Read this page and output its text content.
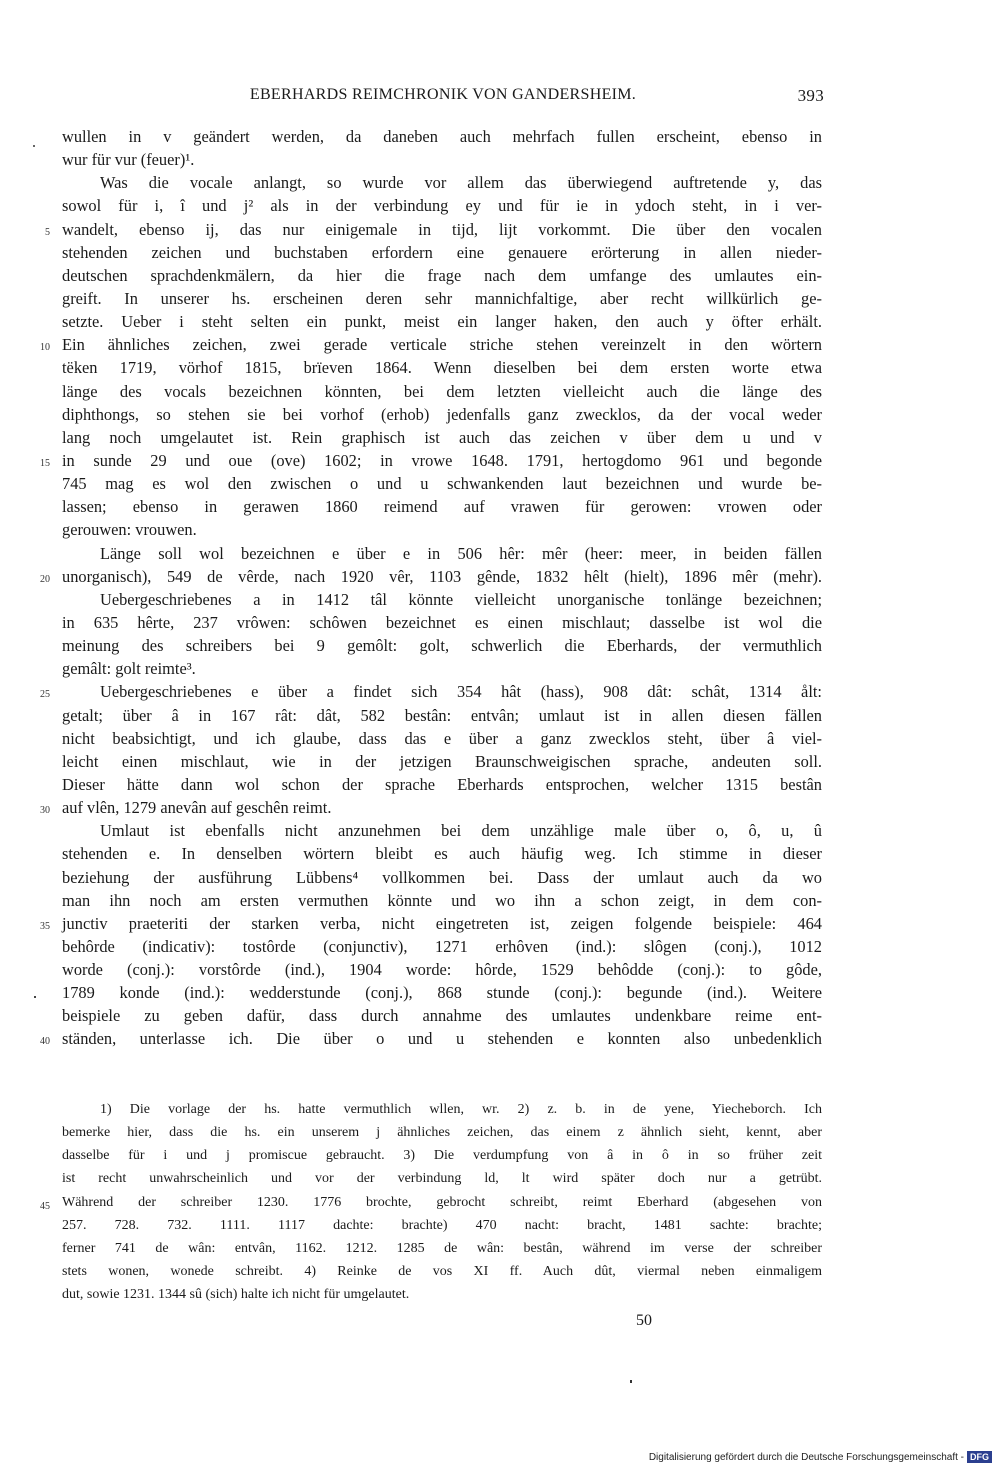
EBERHARDS REIMCHRONIK VON GANDERSHEIM.	393
wullen in v geändert werden, da daneben auch mehrfach fullen erscheint, ebenso in
wur für vur (feuer)¹.
Was die vocale anlangt, so wurde vor allem das überwiegend auftretende y, das
sowol für i, î und j² als in der verbindung ey und für ie in ydoch steht, in i ver-
5 wandelt, ebenso ij, das nur einigemale in tijd, lijt vorkommt. Die über den vocalen
stehenden zeichen und buchstaben erfordern eine genauere erörterung in allen nieder-
deutschen sprachdenkmälern, da hier die frage nach dem umfange des umlautes ein-
greift. In unserer hs. erscheinen deren sehr mannichfaltige, aber recht willkürlich ge-
setzte. Ueber i steht selten ein punkt, meist ein langer haken, den auch y öfter erhält.
10 Ein ähnliches zeichen, zwei gerade verticale striche stehen vereinzelt in den wörtern
tëken 1719, vörhof 1815, brïeven 1864. Wenn dieselben bei dem ersten worte etwa
länge des vocals bezeichnen könnten, bei dem letzten vielleicht auch die länge des
diphthongs, so stehen sie bei vorhof (erhob) jedenfalls ganz zwecklos, da der vocal weder
lang noch umgelautet ist. Rein graphisch ist auch das zeichen v über dem u und v
15 in sunde 29 und oue (ove) 1602; in vrowe 1648. 1791, hertogdomo 961 und begonde
745 mag es wol den zwischen o und u schwankenden laut bezeichnen und wurde be-
lassen; ebenso in gerawen 1860 reimend auf vrawen für gerowen: vrowen oder
gerouwen: vrouwen.
Länge soll wol bezeichnen e über e in 506 hêr: mêr (heer: meer, in beiden fällen
20 unorganisch), 549 de vêrde, nach 1920 vêr, 1103 gênde, 1832 hêlt (hielt), 1896 mêr (mehr).
Uebergeschriebenes a in 1412 tâl könnte vielleicht unorganische tonlänge bezeichnen;
in 635 hêrte, 237 vrôwen: schôwen bezeichnet es einen mischlaut; dasselbe ist wol die
meinung des schreibers bei 9 gemôlt: golt, schwerlich die Eberhards, der vermuthlich
gemâlt: golt reimte³.
25	Uebergeschriebenes e über a findet sich 354 hât (hass), 908 dât: schât, 1314 ålt:
getalt; über â in 167 rât: dât, 582 bestân: entvân; umlaut ist in allen diesen fällen
nicht beabsichtigt, und ich glaube, dass das e über a ganz zwecklos steht, über â viel-
leicht einen mischlaut, wie in der jetzigen Braunschweigischen sprache, andeuten soll.
Dieser hätte dann wol schon der sprache Eberhards entsprochen, welcher 1315 bestân
30 auf vlên, 1279 anevân auf geschên reimt.
Umlaut ist ebenfalls nicht anzunehmen bei dem unzählige male über o, ô, u, û
stehenden e. In denselben wörtern bleibt es auch häufig weg. Ich stimme in dieser
beziehung der ausführung Lübbens⁴ vollkommen bei. Dass der umlaut auch da wo
man ihn noch am ersten vermuthen könnte und wo ihn a schon zeigt, in dem con-
35 junctiv praeteriti der starken verba, nicht eingetreten ist, zeigen folgende beispiele: 464
behôrde (indicativ): tostôrde (conjunctiv), 1271 erhôven (ind.): slôgen (conj.), 1012
worde (conj.): vorstôrde (ind.), 1904 worde: hôrde, 1529 behôdde (conj.): to gôde,
1789 konde (ind.): wedderstunde (conj.), 868 stunde (conj.): begunde (ind.). Weitere
beispiele zu geben dafür, dass durch annahme des umlautes undenkbare reime ent-
40 ständen, unterlasse ich. Die über o und u stehenden e konnten also unbedenklich
1) Die vorlage der hs. hatte vermuthlich wllen, wr. 2) z. b. in de yene, Yiecheborch. Ich
bemerke hier, dass die hs. ein unserem j ähnliches zeichen, das einem z ähnlich sieht, kennt, aber
dasselbe für i und j promiscue gebraucht. 3) Die verdumpfung von â in ô in so früher zeit
ist recht unwahrscheinlich und vor der verbindung ld, lt wird später doch nur a getrübt.
45 Während der schreiber 1230. 1776 brochte, gebrocht schreibt, reimt Eberhard (abgesehen von
257. 728. 732. 1111. 1117 dachte: brachte) 470 nacht: bracht, 1481 sachte: brachte;
ferner 741 de wân: entvân, 1162. 1212. 1285 de wân: bestân, während im verse der schreiber
stets wonen, wonede schreibt. 4) Reinke de vos XI ff. Auch dût, viermal neben einmaligem
dut, sowie 1231. 1344 sû (sich) halte ich nicht für umgelautet.
50
Digitalisierung gefördert durch die Deutsche Forschungsgemeinschaft - DFG
